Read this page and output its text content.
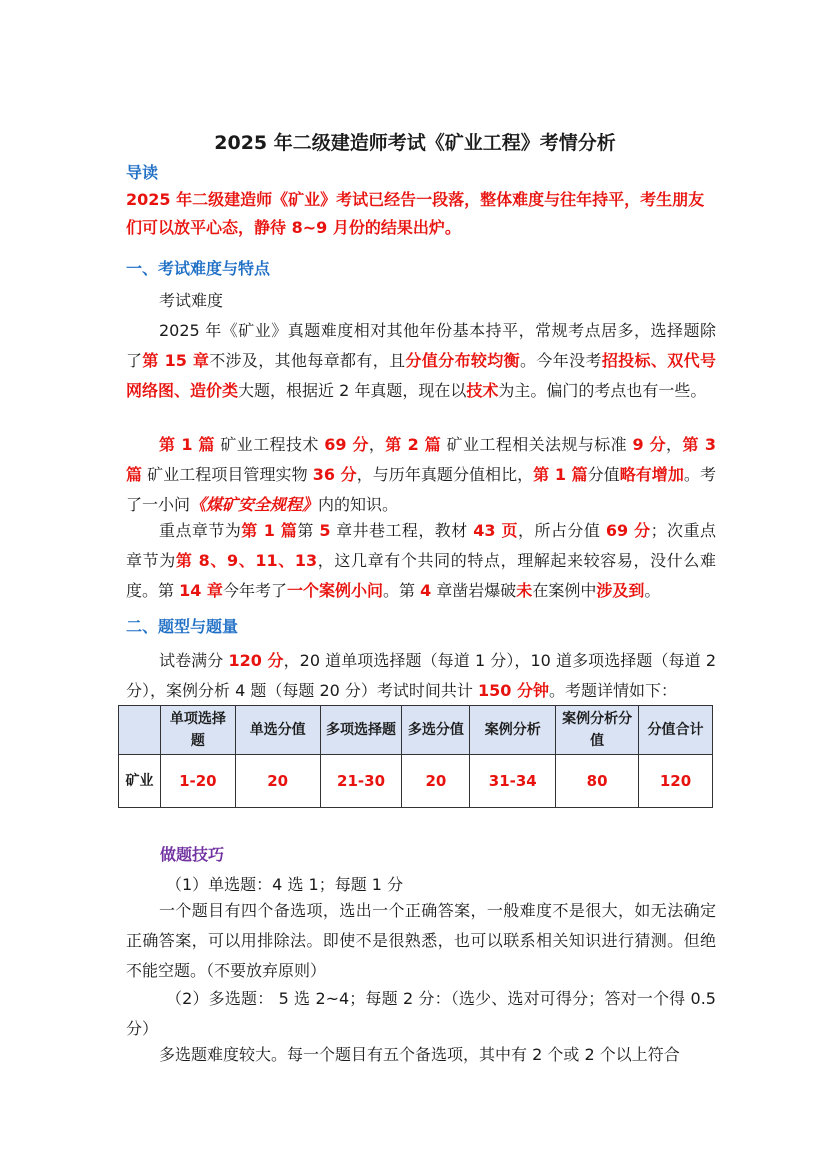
2025 年二级建造师考试《矿业工程》考情分析
导读
2025 年二级建造师《矿业》考试已经告一段落，整体难度与往年持平，考生朋友们可以放平心态，静待 8~9 月份的结果出炉。
一、考试难度与特点
考试难度
2025 年《矿业》真题难度相对其他年份基本持平，常规考点居多，选择题除了第 15 章不涉及，其他每章都有，且分值分布较均衡。今年没考招投标、双代号网络图、造价类大题，根据近 2 年真题，现在以技术为主。偏门的考点也有一些。
第 1 篇 矿业工程技术 69 分，第 2 篇 矿业工程相关法规与标准 9 分，第 3 篇 矿业工程项目管理实物 36 分，与历年真题分值相比，第 1 篇分值略有增加。考了一小问《煤矿安全规程》内的知识。
重点章节为第 1 篇第 5 章井巷工程，教材 43 页，所占分值 69 分；次重点章节为第 8、9、11、13，这几章有个共同的特点，理解起来较容易，没什么难度。第 14 章今年考了一个案例小问。第 4 章凿岩爆破未在案例中涉及到。
二、题型与题量
试卷满分 120 分，20 道单项选择题（每道 1 分），10 道多项选择题（每道 2 分），案例分析 4 题（每题 20 分）考试时间共计 150 分钟。考题详情如下：
	单项选择题	单选分值	多项选择题	多选分值	案例分析	案例分析分值	分值合计
矿业	1-20	20	21-30	20	31-34	80	120
做题技巧
（1）单选题：4 选 1；每题 1 分
一个题目有四个备选项，选出一个正确答案，一般难度不是很大，如无法确定正确答案，可以用排除法。即使不是很熟悉，也可以联系相关知识进行猜测。但绝不能空题。（不要放弃原则）
（2）多选题： 5 选 2~4；每题 2 分：（选少、选对可得分；答对一个得 0.5 分）
多选题难度较大。每一个题目有五个备选项，其中有 2 个或 2 个以上符合
